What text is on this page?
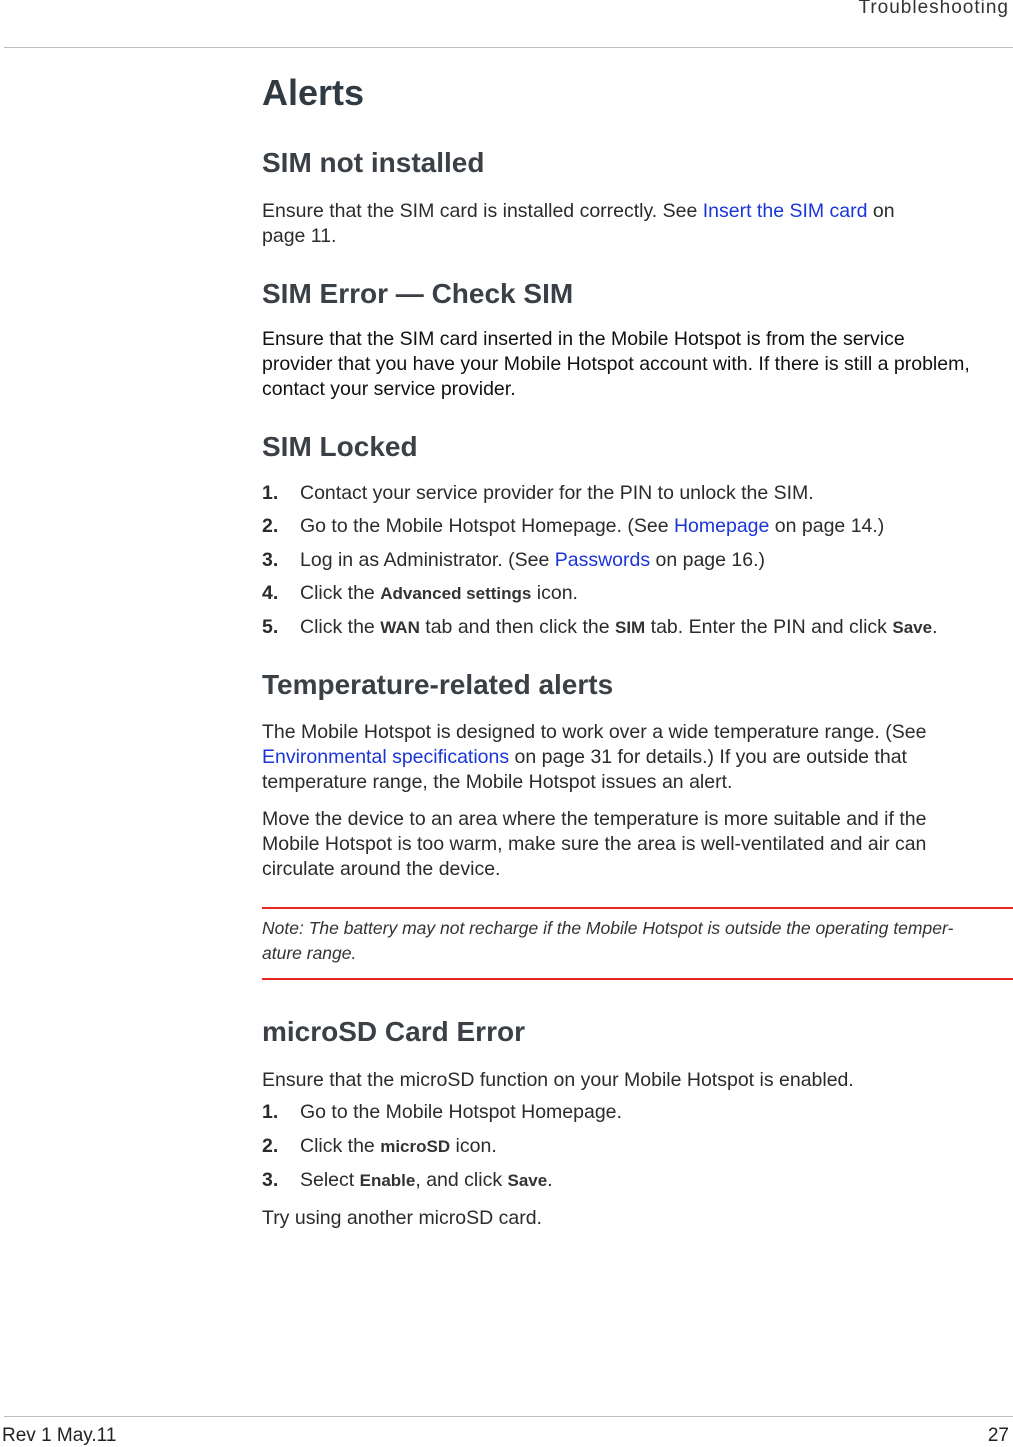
Troubleshooting
Alerts
SIM not installed

Ensure that the SIM card is installed correctly. See Insert the SIM card on
page 11.

SIM Error — Check SIM

Ensure that the SIM card inserted in the Mobile Hotspot is from the service
provider that you have your Mobile Hotspot account with. If there is still a problem,
contact your service provider.

SIM Locked
1. Contact your service provider for the PIN to unlock the SIM.
2. Go to the Mobile Hotspot Homepage. (See Homepage on page 14.)
3. Log in as Administrator. (See Passwords on page 16.)
4. Click the Advanced settings icon.
5. Click the WAN tab and then click the SIM tab. Enter the PIN and click Save.
Temperature-related alerts

The Mobile Hotspot is designed to work over a wide temperature range. (See
Environmental specifications on page 31 for details.) If you are outside that
temperature range, the Mobile Hotspot issues an alert.

Move the device to an area where the temperature is more suitable and if the
Mobile Hotspot is too warm, make sure the area is well-ventilated and air can
circulate around the device.

Note: The battery may not recharge if the Mobile Hotspot is outside the operating temper-
ature range.

microSD Card Error

Ensure that the microSD function on your Mobile Hotspot is enabled.

1. Go to the Mobile Hotspot Homepage.
2. Click the microSD icon.
3. Select Enable, and click Save.

Try using another microSD card.

Rev 1 May.11	27
